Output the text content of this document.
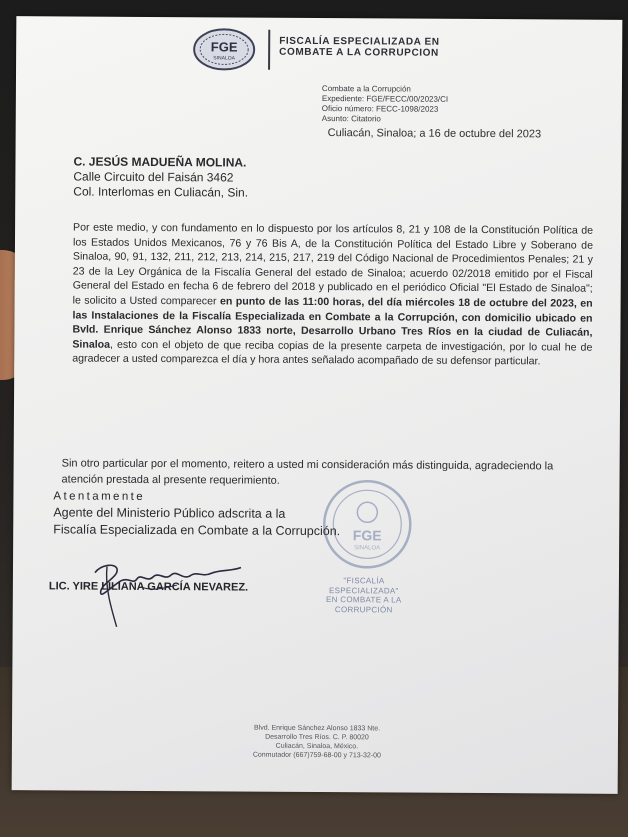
FGE
SINALOA
FISCALÍA ESPECIALIZADA EN
COMBATE A LA CORRUPCION
Combate a la Corrupción
Expediente: FGE/FECC/00/2023/CI
Oficio número: FECC-1098/2023
Asunto: Citatorio
Culiacán, Sinaloa; a 16 de octubre del 2023
C. JESÚS MADUEÑA MOLINA.
Calle Circuito del Faisán 3462
Col. Interlomas en Culiacán, Sin.
Por este medio, y con fundamento en lo dispuesto por los artículos 8, 21 y 108 de la Constitución Política de los Estados Unidos Mexicanos, 76 y 76 Bis A, de la Constitución Política del Estado Libre y Soberano de Sinaloa, 90, 91, 132, 211, 212, 213, 214, 215, 217, 219 del Código Nacional de Procedimientos Penales; 21 y 23 de la Ley Orgánica de la Fiscalía General del estado de Sinaloa; acuerdo 02/2018 emitido por el Fiscal General del Estado en fecha 6 de febrero del 2018 y publicado en el periódico Oficial "El Estado de Sinaloa"; le solicito a Usted comparecer en punto de las 11:00 horas, del día miércoles 18 de octubre del 2023, en las Instalaciones de la Fiscalía Especializada en Combate a la Corrupción, con domicilio ubicado en Bvld. Enrique Sánchez Alonso 1833 norte, Desarrollo Urbano Tres Ríos en la ciudad de Culiacán, Sinaloa, esto con el objeto de que reciba copias de la presente carpeta de investigación, por lo cual he de agradecer a usted comparezca el día y hora antes señalado acompañado de su defensor particular.
Sin otro particular por el momento, reitero a usted mi consideración más distinguida, agradeciendo la atención prestada al presente requerimiento.
FGE
SINALOA
Atentamente
Agente del Ministerio Público adscrita a la
Fiscalía Especializada en Combate a la Corrupción.
LIC. YIRE LILIANA GARCÍA NEVAREZ.	"FISCALÍA ESPECIALIZADA"
EN COMBATE A LA
CORRUPCIÓN
Blvd. Enrique Sánchez Alonso 1833 Nte.
Desarrollo Tres Ríos. C. P. 80020
Culiacán, Sinaloa, México.
Conmutador (667)759-68-00 y 713-32-00
